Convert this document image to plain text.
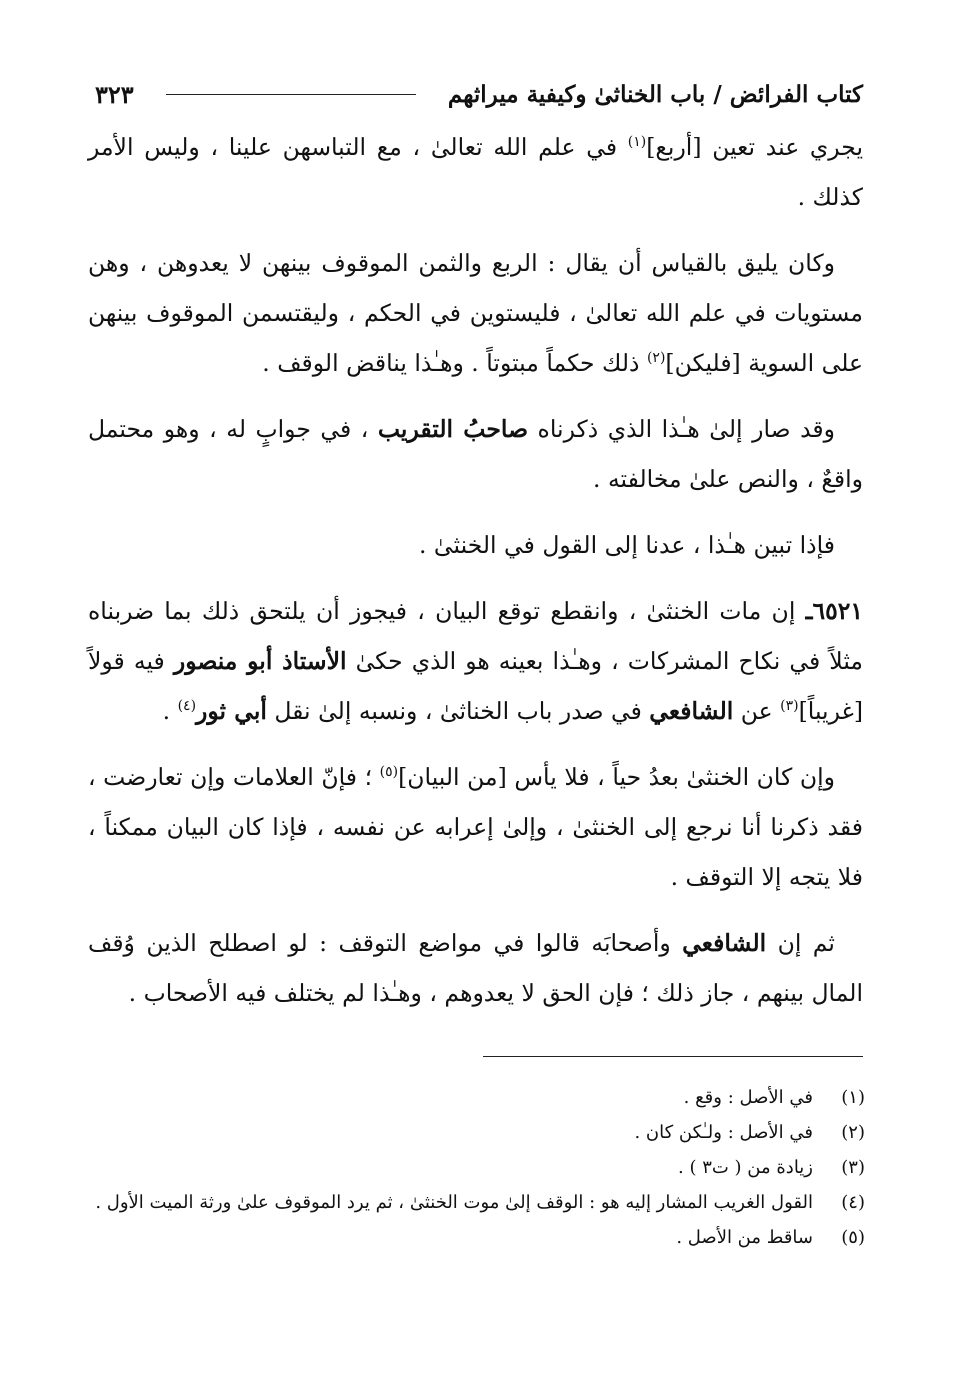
كتاب الفرائض / باب الخناثىٰ وكيفية ميراثهم
٣٢٣

يجري عند تعين [أربع]$^{(١)}$ في علم الله تعالىٰ ، مع التباسهن علينا ، وليس الأمر كذلك .

وكان يليق بالقياس أن يقال : الربع والثمن الموقوف بينهن لا يعدوهن ، وهن مستويات في علم الله تعالىٰ ، فليستوين في الحكم ، وليقتسمن الموقوف بينهن على السوية [فليكن]$^{(٢)}$ ذلك حكماً مبتوتاً . وهـٰذا يناقض الوقف .

وقد صار إلىٰ هـٰذا الذي ذكرناه صاحبُ التقريب ، في جوابٍ له ، وهو محتمل واقعٌ ، والنص علىٰ مخالفته .

فإذا تبين هـٰذا ، عدنا إلى القول في الخنثىٰ .

٦٥٢١ـ إن مات الخنثىٰ ، وانقطع توقع البيان ، فيجوز أن يلتحق ذلك بما ضربناه مثلاً في نكاح المشركات ، وهـٰذا بعينه هو الذي حكىٰ الأستاذ أبو منصور فيه قولاً [غريباً]$^{(٣)}$ عن الشافعي في صدر باب الخناثىٰ ، ونسبه إلىٰ نقل أبي ثور$^{(٤)}$ .

وإن كان الخنثىٰ بعدُ حياً ، فلا يأس [من البيان]$^{(٥)}$ ؛ فإنّ العلامات وإن تعارضت ، فقد ذكرنا أنا نرجع إلى الخنثىٰ ، وإلىٰ إعرابه عن نفسه ، فإذا كان البيان ممكناً ، فلا يتجه إلا التوقف .

ثم إن الشافعي وأصحابَه قالوا في مواضع التوقف : لو اصطلح الذين وُقف المال بينهم ، جاز ذلك ؛ فإن الحق لا يعدوهم ، وهـٰذا لم يختلف فيه الأصحاب .

(١)
في الأصل : وقع .
(٢)
في الأصل : ولـٰكن كان .
(٣)
زيادة من ( ت٣ ) .
(٤)
القول الغريب المشار إليه هو : الوقف إلىٰ موت الخنثىٰ ، ثم يرد الموقوف علىٰ ورثة الميت الأول .
(٥)
ساقط من الأصل .
